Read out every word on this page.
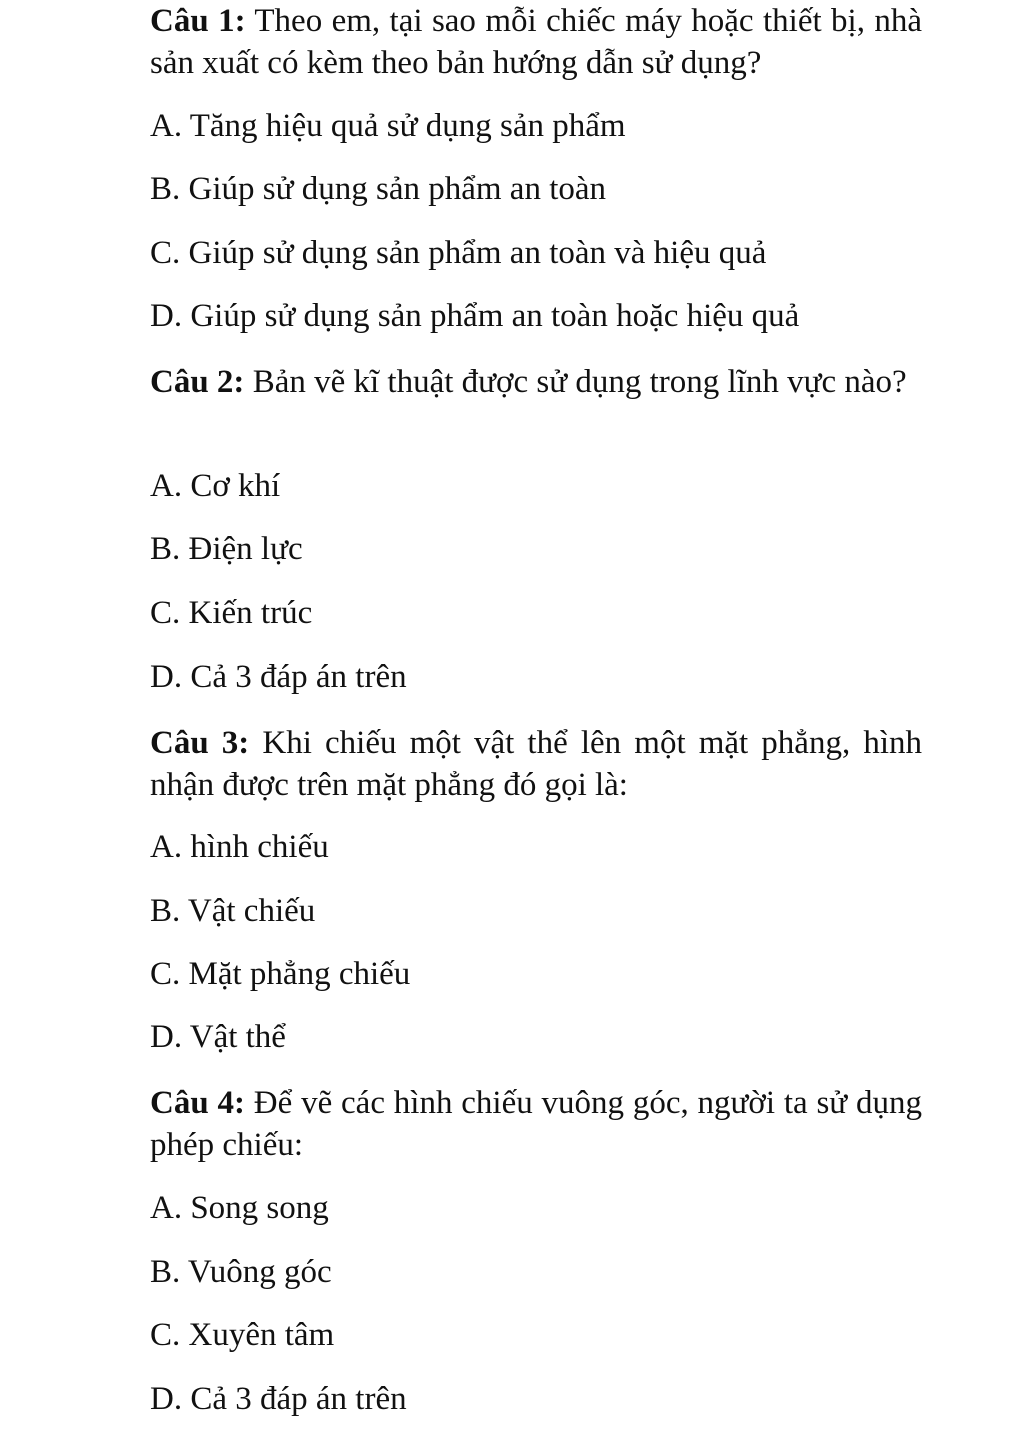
Câu 1: Theo em, tại sao mỗi chiếc máy hoặc thiết bị, nhà sản xuất có kèm theo bản hướng dẫn sử dụng?

A. Tăng hiệu quả sử dụng sản phẩm

B. Giúp sử dụng sản phẩm an toàn

C. Giúp sử dụng sản phẩm an toàn và hiệu quả

D. Giúp sử dụng sản phẩm an toàn hoặc hiệu quả

Câu 2: Bản vẽ kĩ thuật được sử dụng trong lĩnh vực nào?

A. Cơ khí

B. Điện lực

C. Kiến trúc

D. Cả 3 đáp án trên

Câu 3: Khi chiếu một vật thể lên một mặt phẳng, hình nhận được trên mặt phẳng đó gọi là:

A. hình chiếu

B. Vật chiếu

C. Mặt phẳng chiếu

D. Vật thể

Câu 4: Để vẽ các hình chiếu vuông góc, người ta sử dụng phép chiếu:

A. Song song

B. Vuông góc

C. Xuyên tâm

D. Cả 3 đáp án trên
